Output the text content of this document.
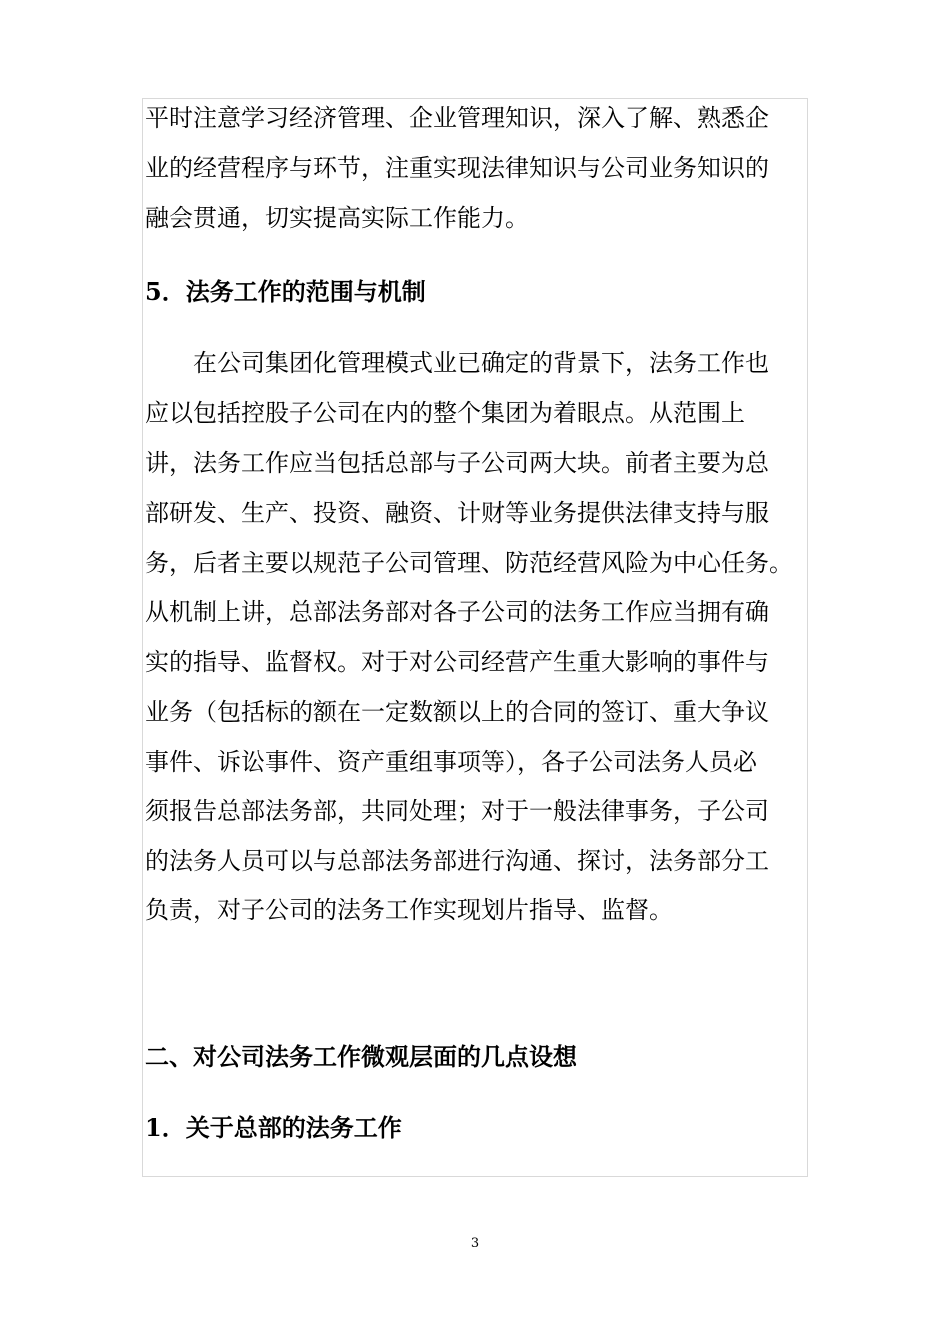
平时注意学习经济管理、企业管理知识，深入了解、熟悉企
业的经营程序与环节，注重实现法律知识与公司业务知识的
融会贯通，切实提高实际工作能力。
5．法务工作的范围与机制
　　在公司集团化管理模式业已确定的背景下，法务工作也
应以包括控股子公司在内的整个集团为着眼点。从范围上
讲，法务工作应当包括总部与子公司两大块。前者主要为总
部研发、生产、投资、融资、计财等业务提供法律支持与服
务，后者主要以规范子公司管理、防范经营风险为中心任务。
从机制上讲，总部法务部对各子公司的法务工作应当拥有确
实的指导、监督权。对于对公司经营产生重大影响的事件与
业务（包括标的额在一定数额以上的合同的签订、重大争议
事件、诉讼事件、资产重组事项等），各子公司法务人员必
须报告总部法务部，共同处理；对于一般法律事务，子公司
的法务人员可以与总部法务部进行沟通、探讨，法务部分工
负责，对子公司的法务工作实现划片指导、监督。
二、对公司法务工作微观层面的几点设想
1．关于总部的法务工作
3
